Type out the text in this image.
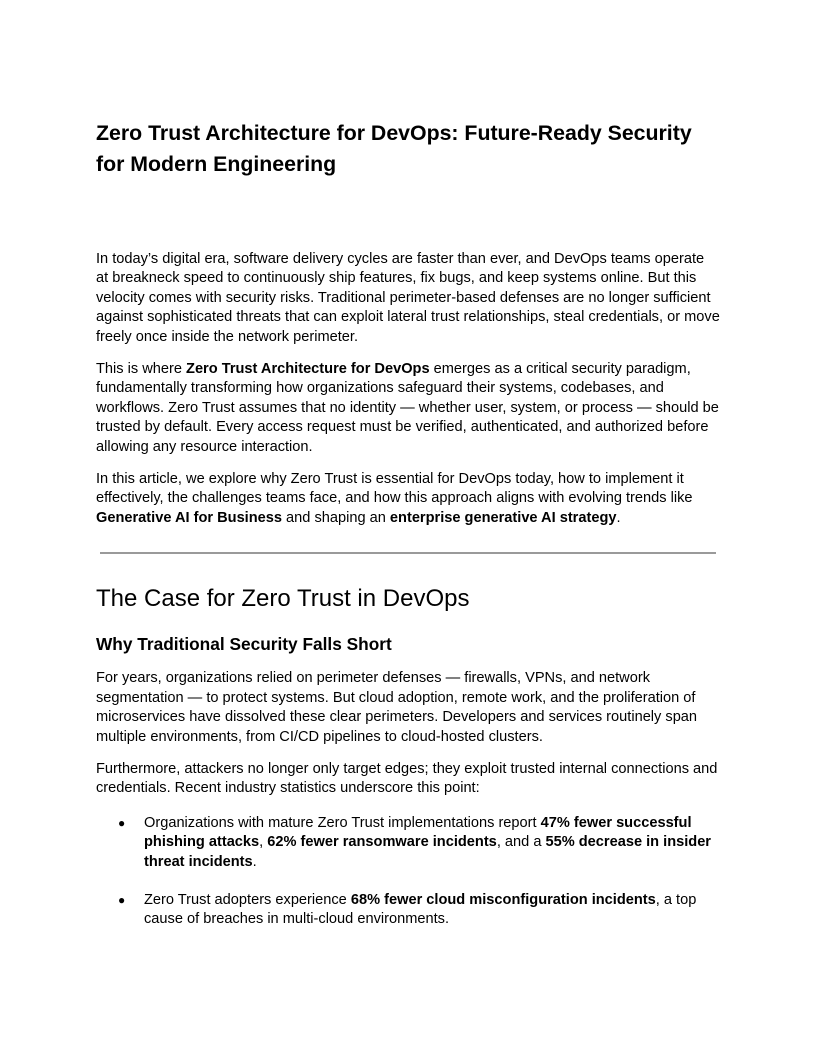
Zero Trust Architecture for DevOps: Future-Ready Security for Modern Engineering

In today’s digital era, software delivery cycles are faster than ever, and DevOps teams operate at breakneck speed to continuously ship features, fix bugs, and keep systems online. But this velocity comes with security risks. Traditional perimeter-based defenses are no longer sufficient against sophisticated threats that can exploit lateral trust relationships, steal credentials, or move freely once inside the network perimeter.

This is where Zero Trust Architecture for DevOps emerges as a critical security paradigm, fundamentally transforming how organizations safeguard their systems, codebases, and workflows. Zero Trust assumes that no identity — whether user, system, or process — should be trusted by default. Every access request must be verified, authenticated, and authorized before allowing any resource interaction.

In this article, we explore why Zero Trust is essential for DevOps today, how to implement it effectively, the challenges teams face, and how this approach aligns with evolving trends like Generative AI for Business and shaping an enterprise generative AI strategy.

The Case for Zero Trust in DevOps
Why Traditional Security Falls Short

For years, organizations relied on perimeter defenses — firewalls, VPNs, and network segmentation — to protect systems. But cloud adoption, remote work, and the proliferation of microservices have dissolved these clear perimeters. Developers and services routinely span multiple environments, from CI/CD pipelines to cloud-hosted clusters.

Furthermore, attackers no longer only target edges; they exploit trusted internal connections and credentials. Recent industry statistics underscore this point:

● Organizations with mature Zero Trust implementations report 47% fewer successful phishing attacks, 62% fewer ransomware incidents, and a 55% decrease in insider threat incidents.
● Zero Trust adopters experience 68% fewer cloud misconfiguration incidents, a top cause of breaches in multi-cloud environments.
